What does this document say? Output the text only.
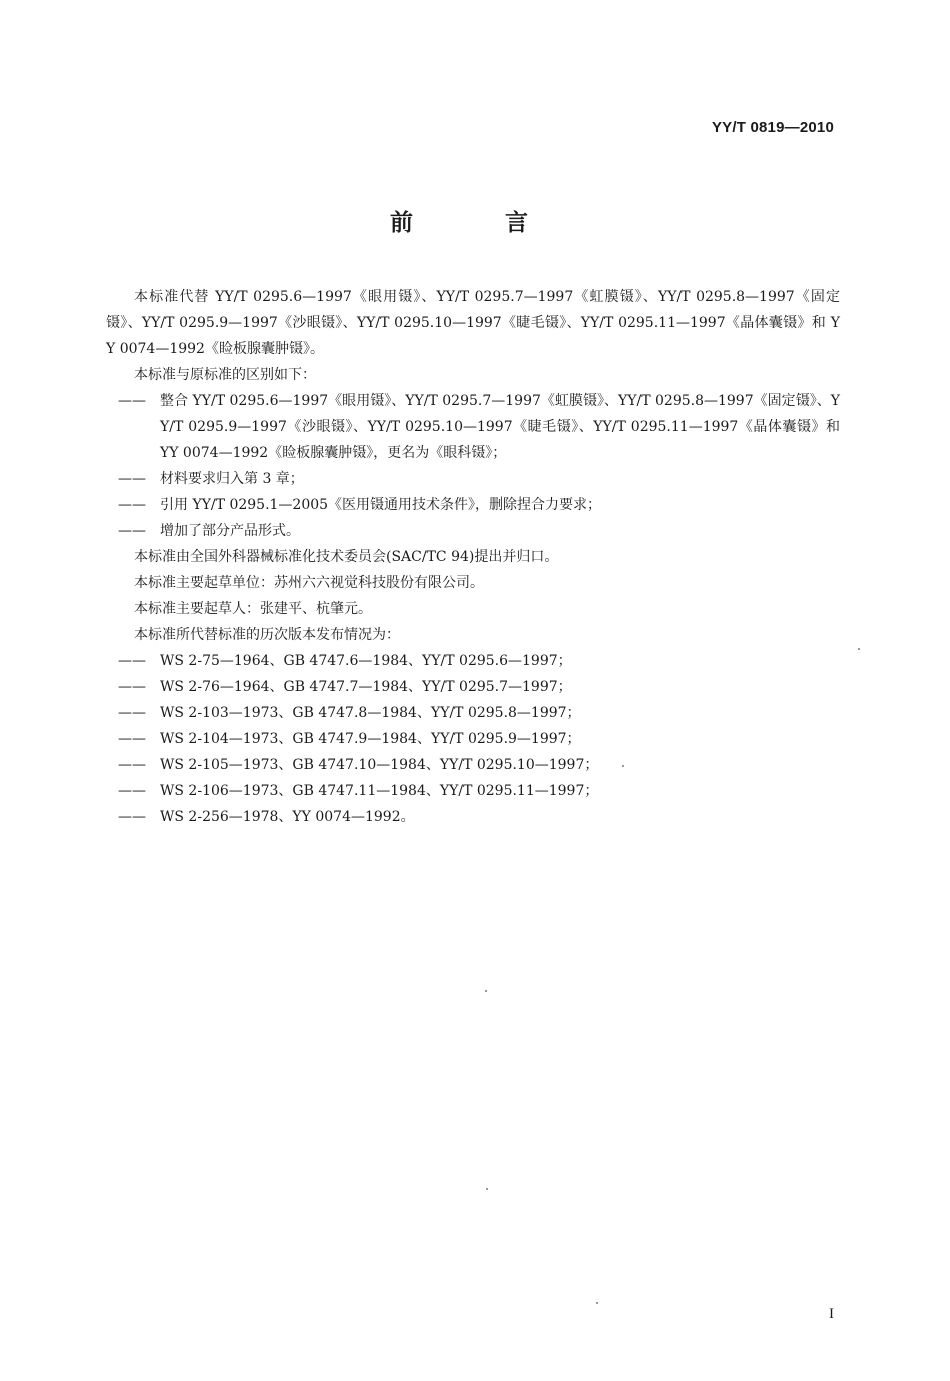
YY/T 0819—2010
前 言

本标准代替 YY/T 0295.6—1997《眼用镊》、YY/T 0295.7—1997《虹膜镊》、YY/T 0295.8—1997《固定镊》、YY/T 0295.9—1997《沙眼镊》、YY/T 0295.10—1997《睫毛镊》、YY/T 0295.11—1997《晶体囊镊》和 YY 0074—1992《睑板腺囊肿镊》。

本标准与原标准的区别如下：

—— 整合 YY/T 0295.6—1997《眼用镊》、YY/T 0295.7—1997《虹膜镊》、YY/T 0295.8—1997《固定镊》、YY/T 0295.9—1997《沙眼镊》、YY/T 0295.10—1997《睫毛镊》、YY/T 0295.11—1997《晶体囊镊》和 YY 0074—1992《睑板腺囊肿镊》，更名为《眼科镊》；

—— 材料要求归入第 3 章；

—— 引用 YY/T 0295.1—2005《医用镊通用技术条件》，删除捏合力要求；

—— 增加了部分产品形式。

本标准由全国外科器械标准化技术委员会(SAC/TC 94)提出并归口。

本标准主要起草单位：苏州六六视觉科技股份有限公司。

本标准主要起草人：张建平、杭肇元。

本标准所代替标准的历次版本发布情况为：

—— WS 2-75—1964、GB 4747.6—1984、YY/T 0295.6—1997；

—— WS 2-76—1964、GB 4747.7—1984、YY/T 0295.7—1997；

—— WS 2-103—1973、GB 4747.8—1984、YY/T 0295.8—1997；

—— WS 2-104—1973、GB 4747.9—1984、YY/T 0295.9—1997；

—— WS 2-105—1973、GB 4747.10—1984、YY/T 0295.10—1997；

—— WS 2-106—1973、GB 4747.11—1984、YY/T 0295.11—1997；

—— WS 2-256—1978、YY 0074—1992。

I
